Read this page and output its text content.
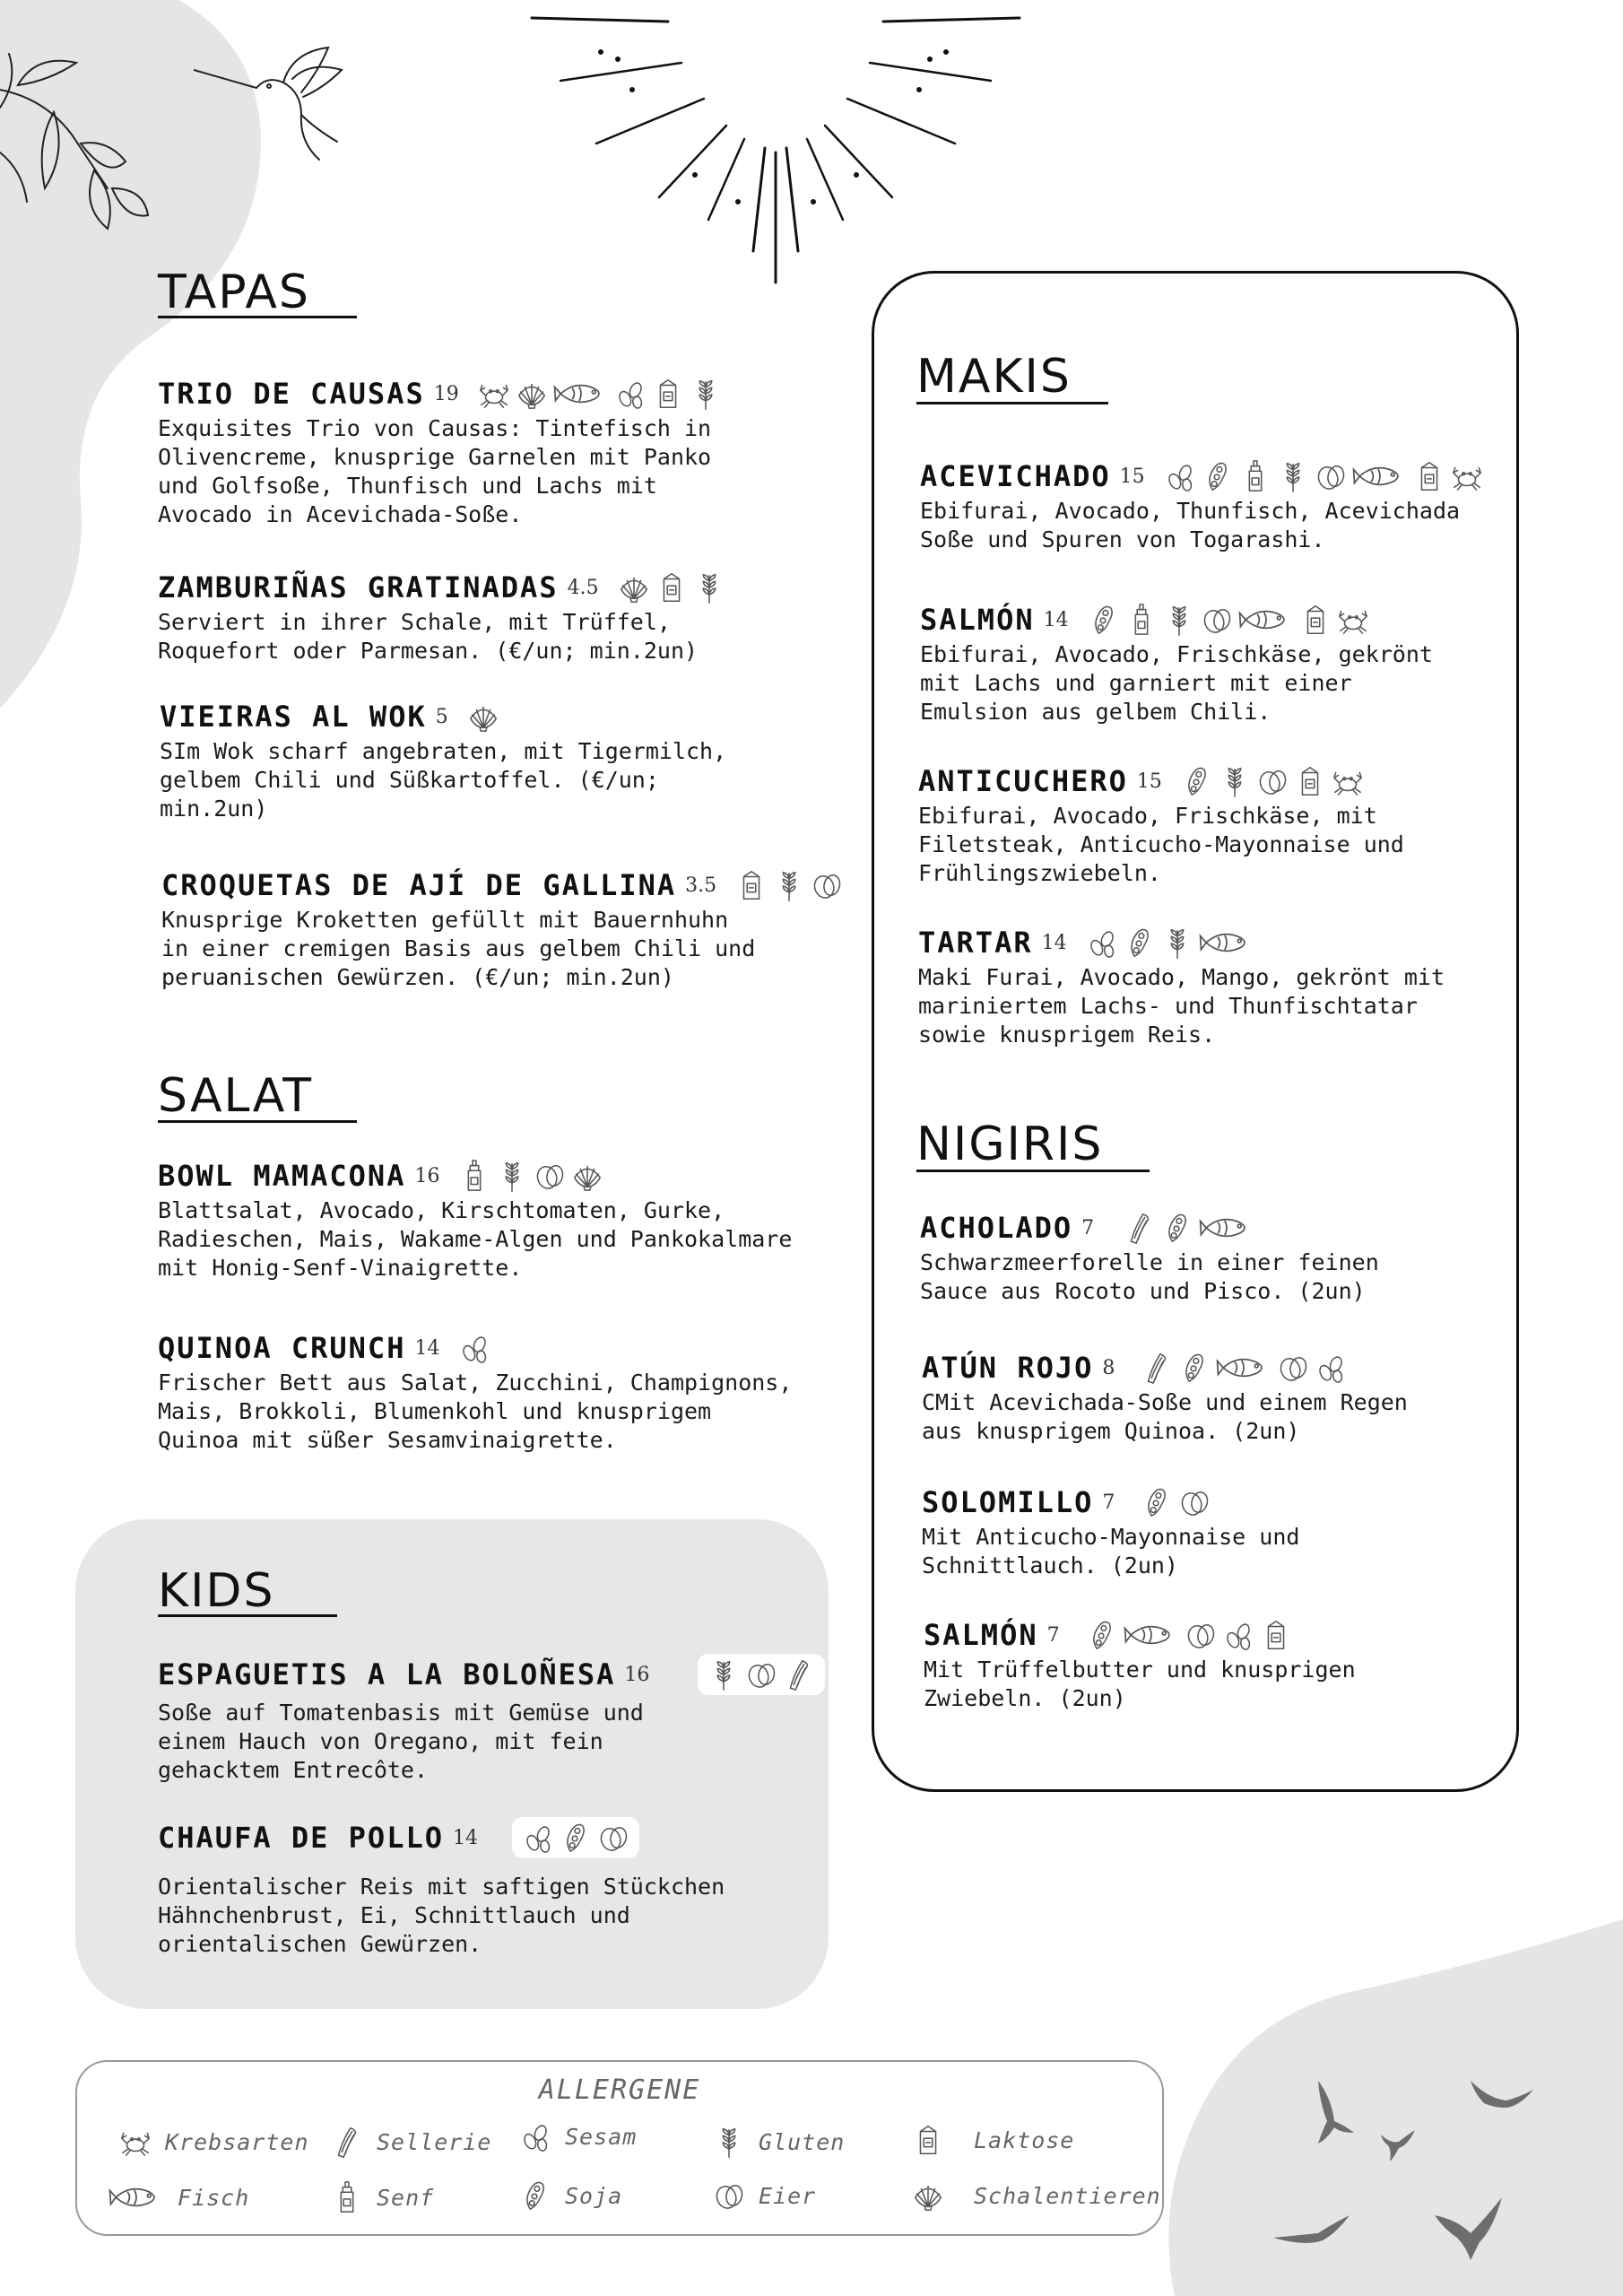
TAPAS
TRIO DE CAUSAS 19
Exquisites Trio von Causas: Tintefisch in
Olivencreme, knusprige Garnelen mit Panko
und Golfsoße, Thunfisch und Lachs mit
Avocado in Acevichada-Soße.
ZAMBURIÑAS GRATINADAS 4.5
Serviert in ihrer Schale, mit Trüffel,
Roquefort oder Parmesan. (€/un; min.2un)
VIEIRAS AL WOK 5
SIm Wok scharf angebraten, mit Tigermilch,
gelbem Chili und Süßkartoffel. (€/un;
min.2un)
CROQUETAS DE AJÍ DE GALLINA 3.5
Knusprige Kroketten gefüllt mit Bauernhuhn
in einer cremigen Basis aus gelbem Chili und
peruanischen Gewürzen. (€/un; min.2un)
SALAT
BOWL MAMACONA 16
Blattsalat, Avocado, Kirschtomaten, Gurke,
Radieschen, Mais, Wakame-Algen und Pankokalmare
mit Honig-Senf-Vinaigrette.
QUINOA CRUNCH 14
Frischer Bett aus Salat, Zucchini, Champignons,
Mais, Brokkoli, Blumenkohl und knusprigem
Quinoa mit süßer Sesamvinaigrette.
KIDS
ESPAGUETIS A LA BOLOÑESA 16
Soße auf Tomatenbasis mit Gemüse und
einem Hauch von Oregano, mit fein
gehacktem Entrecôte.
CHAUFA DE POLLO 14
Orientalischer Reis mit saftigen Stückchen
Hähnchenbrust, Ei, Schnittlauch und
orientalischen Gewürzen.
MAKIS
ACEVICHADO 15
Ebifurai, Avocado, Thunfisch, Acevichada
Soße und Spuren von Togarashi.
SALMÓN 14
Ebifurai, Avocado, Frischkäse, gekrönt
mit Lachs und garniert mit einer
Emulsion aus gelbem Chili.
ANTICUCHERO 15
Ebifurai, Avocado, Frischkäse, mit
Filetsteak, Anticucho-Mayonnaise und
Frühlingszwiebeln.
TARTAR 14
Maki Furai, Avocado, Mango, gekrönt mit
mariniertem Lachs- und Thunfischtatar
sowie knusprigem Reis.
NIGIRIS
ACHOLADO 7
Schwarzmeerforelle in einer feinen
Sauce aus Rocoto und Pisco. (2un)
ATÚN ROJO 8
CMit Acevichada-Soße und einem Regen
aus knusprigem Quinoa. (2un)
SOLOMILLO 7
Mit Anticucho-Mayonnaise und
Schnittlauch. (2un)
SALMÓN 7
Mit Trüffelbutter und knusprigen
Zwiebeln. (2un)
ALLERGENE
Krebsarten	Sellerie	Sesam	Gluten	Laktose
Fisch	Senf	Soja	Eier	Schalentieren
